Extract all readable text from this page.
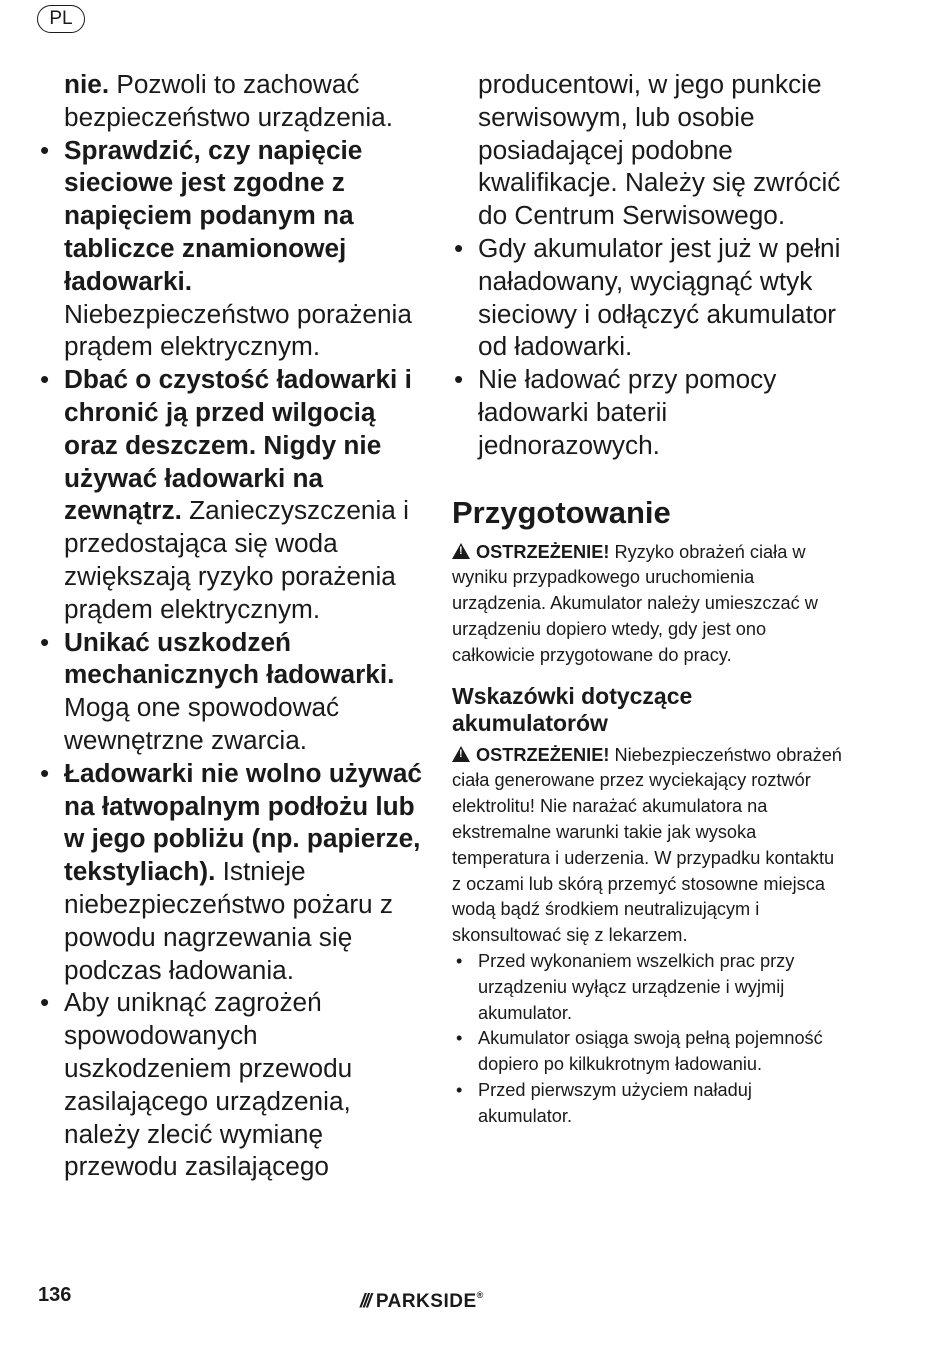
PL

nie. Pozwoli to zachować bezpieczeństwo urządzenia.

• Sprawdzić, czy napięcie sieciowe jest zgodne z napięciem podanym na tabliczce znamionowej ładowarki. Niebezpieczeństwo porażenia prądem elektrycznym.

• Dbać o czystość ładowarki i chronić ją przed wilgocią oraz deszczem. Nigdy nie używać ładowarki na zewnątrz. Zanieczyszczenia i przedostająca się woda zwiększają ryzyko porażenia prądem elektrycznym.

• Unikać uszkodzeń mechanicznych ładowarki. Mogą one spowodować wewnętrzne zwarcia.

• Ładowarki nie wolno używać na łatwopalnym podłożu lub w jego pobliżu (np. papierze, tekstyliach). Istnieje niebezpieczeństwo pożaru z powodu nagrzewania się podczas ładowania.

• Aby uniknąć zagrożeń spowodowanych uszkodzeniem przewodu zasilającego urządzenia, należy zlecić wymianę przewodu zasilającego

producentowi, w jego punkcie serwisowym, lub osobie posiadającej podobne kwalifikacje. Należy się zwrócić do Centrum Serwisowego.

• Gdy akumulator jest już w pełni naładowany, wyciągnąć wtyk sieciowy i odłączyć akumulator od ładowarki.

• Nie ładować przy pomocy ładowarki baterii jednorazowych.

Przygotowanie

!OSTRZEŻENIE! Ryzyko obrażeń ciała w wyniku przypadkowego uruchomienia urządzenia. Akumulator należy umieszczać w urządzeniu dopiero wtedy, gdy jest ono całkowicie przygotowane do pracy.

Wskazówki dotyczące akumulatorów

!OSTRZEŻENIE! Niebezpieczeństwo obrażeń ciała generowane przez wyciekający roztwór elektrolitu! Nie narażać akumulatora na ekstremalne warunki takie jak wysoka temperatura i uderzenia. W przypadku kontaktu z oczami lub skórą przemyć stosowne miejsca wodą bądź środkiem neutralizującym i skonsultować się z lekarzem.

• Przed wykonaniem wszelkich prac przy urządzeniu wyłącz urządzenie i wyjmij akumulator.

• Akumulator osiąga swoją pełną pojemność dopiero po kilkukrotnym ładowaniu.

• Przed pierwszym użyciem naładuj akumulator.

136	/// PARKSIDE®
